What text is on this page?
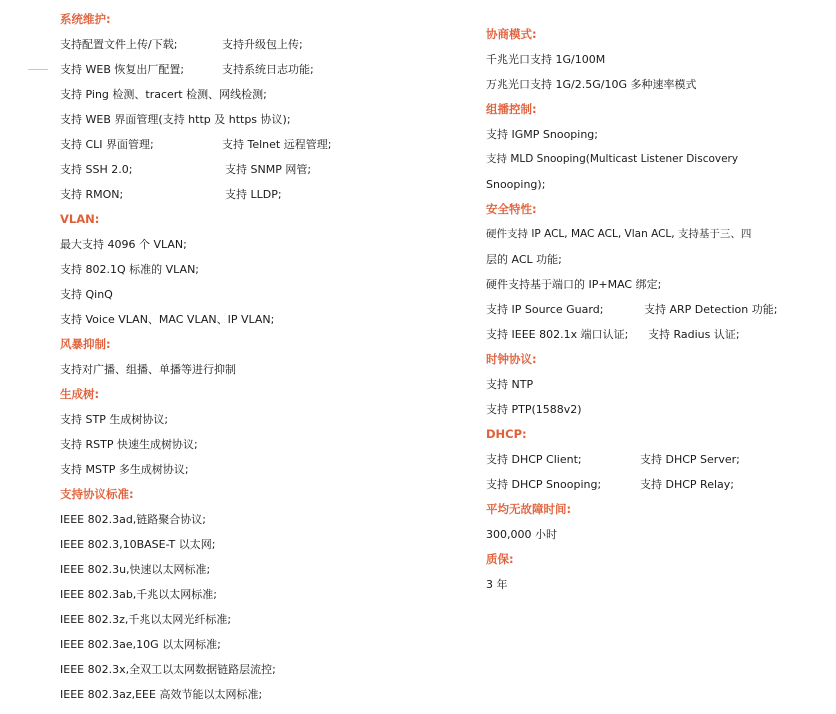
系统维护:
支持配置文件上传/下载;	支持升级包上传;
支持 WEB 恢复出厂配置;	支持系统日志功能;
支持 Ping 检测、tracert 检测、网线检测;
支持 WEB 界面管理(支持 http 及 https 协议);
支持 CLI 界面管理;	支持 Telnet 远程管理;
支持 SSH 2.0;	支持 SNMP 网管;
支持 RMON;	支持 LLDP;
VLAN:
最大支持 4096 个 VLAN;
支持 802.1Q 标准的 VLAN;
支持 QinQ
支持 Voice VLAN、MAC VLAN、IP VLAN;
风暴抑制:
支持对广播、组播、单播等进行抑制
生成树:
支持 STP 生成树协议;
支持 RSTP 快速生成树协议;
支持 MSTP 多生成树协议;
支持协议标准:
IEEE 802.3ad,链路聚合协议;
IEEE 802.3,10BASE-T 以太网;
IEEE 802.3u,快速以太网标准;
IEEE 802.3ab,千兆以太网标准;
IEEE 802.3z,千兆以太网光纤标准;
IEEE 802.3ae,10G 以太网标准;
IEEE 802.3x,全双工以太网数据链路层流控;
IEEE 802.3az,EEE 高效节能以太网标准;
协商模式:
千兆光口支持 1G/100M
万兆光口支持 1G/2.5G/10G 多种速率模式
组播控制:
支持 IGMP Snooping;
支持 MLD Snooping(Multicast Listener Discovery
Snooping);
安全特性:
硬件支持 IP ACL, MAC ACL, Vlan ACL, 支持基于三、四
层的 ACL 功能;
硬件支持基于端口的 IP+MAC 绑定;
支持 IP Source Guard;	支持 ARP Detection 功能;
支持 IEEE 802.1x 端口认证; 支持 Radius 认证;
时钟协议:
支持 NTP
支持 PTP(1588v2)
DHCP:
支持 DHCP Client;	支持 DHCP Server;
支持 DHCP Snooping;	支持 DHCP Relay;
平均无故障时间:
300,000 小时
质保:
3 年
